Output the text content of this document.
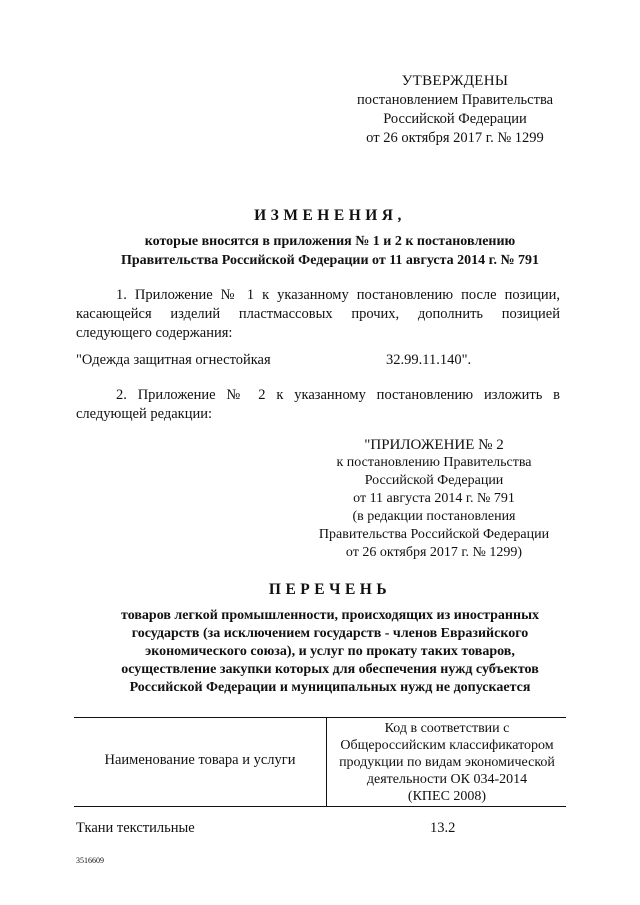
УТВЕРЖДЕНЫ
постановлением Правительства
Российской Федерации
от 26 октября 2017 г. № 1299
ИЗМЕНЕНИЯ,
которые вносятся в приложения № 1 и 2 к постановлению
Правительства Российской Федерации от 11 августа 2014 г. № 791
1. Приложение № 1 к указанному постановлению после позиции, касающейся изделий пластмассовых прочих, дополнить позицией следующего содержания:
"Одежда защитная огнестойкая	32.99.11.140".
2. Приложение № 2 к указанному постановлению изложить в следующей редакции:
"ПРИЛОЖЕНИЕ № 2
к постановлению Правительства
Российской Федерации
от 11 августа 2014 г. № 791
(в редакции постановления
Правительства Российской Федерации
от 26 октября 2017 г. № 1299)
ПЕРЕЧЕНЬ
товаров легкой промышленности, происходящих из иностранных
государств (за исключением государств - членов Евразийского
экономического союза), и услуг по прокату таких товаров,
осуществление закупки которых для обеспечения нужд субъектов
Российской Федерации и муниципальных нужд не допускается
Наименование товара и услуги
Код в соответствии с
Общероссийским классификатором
продукции по видам экономической
деятельности ОК 034-2014
(КПЕС 2008)
Ткани текстильные	13.2
3516609
